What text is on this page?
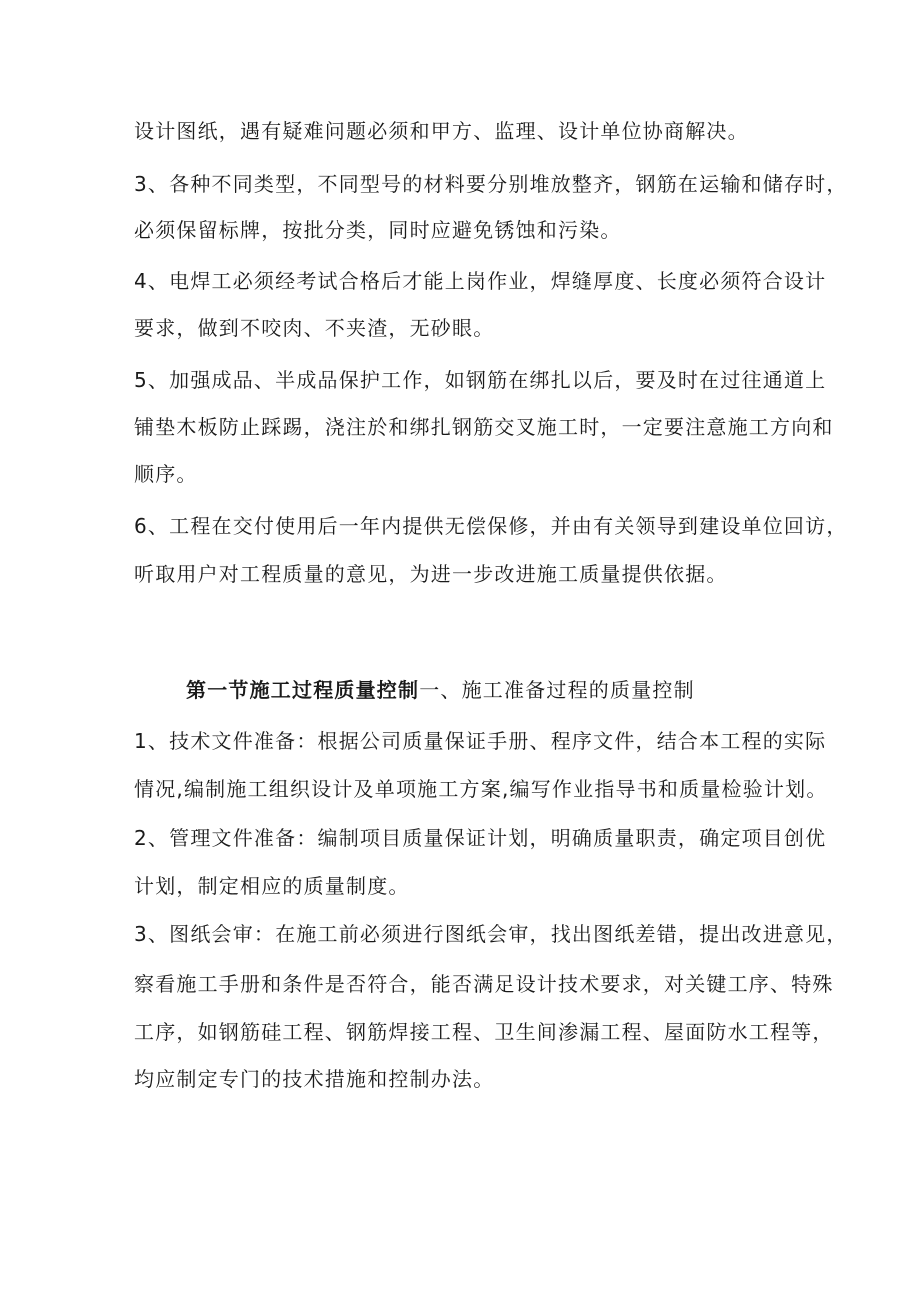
设计图纸，遇有疑难问题必须和甲方、监理、设计单位协商解决。
3、各种不同类型，不同型号的材料要分别堆放整齐，钢筋在运输和储存时，
必须保留标牌，按批分类，同时应避免锈蚀和污染。
4、电焊工必须经考试合格后才能上岗作业，焊缝厚度、长度必须符合设计
要求，做到不咬肉、不夹渣，无砂眼。
5、加强成品、半成品保护工作，如钢筋在绑扎以后，要及时在过往通道上
铺垫木板防止踩踢，浇注於和绑扎钢筋交叉施工时，一定要注意施工方向和
顺序。
6、工程在交付使用后一年内提供无偿保修，并由有关领导到建设单位回访，
听取用户对工程质量的意见，为进一步改进施工质量提供依据。
第一节施工过程质量控制一、施工准备过程的质量控制
1、技术文件准备：根据公司质量保证手册、程序文件，结合本工程的实际
情况,编制施工组织设计及单项施工方案,编写作业指导书和质量检验计划。
2、管理文件准备：编制项目质量保证计划，明确质量职责，确定项目创优
计划，制定相应的质量制度。
3、图纸会审：在施工前必须进行图纸会审，找出图纸差错，提出改进意见，
察看施工手册和条件是否符合，能否满足设计技术要求，对关键工序、特殊
工序，如钢筋硅工程、钢筋焊接工程、卫生间渗漏工程、屋面防水工程等，
均应制定专门的技术措施和控制办法。
